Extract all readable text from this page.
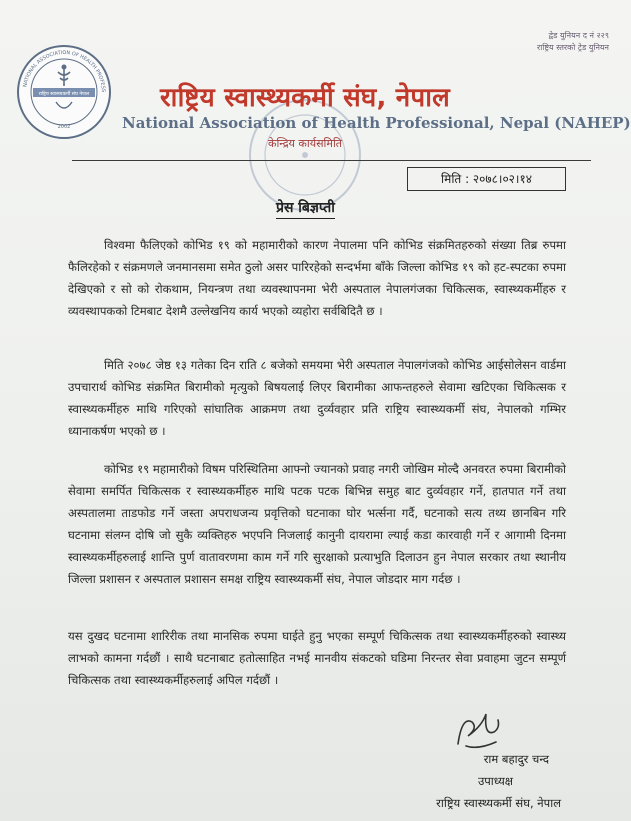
NATIONAL ASSOCIATION OF HEALTH PROFESS
राष्ट्रिय स्वास्थ्यकर्मी संघ नेपाल
2002
द्वेड युनियन द नं २२९
राष्ट्रिय स्तरको ट्रेड युनियन
राष्ट्रिय स्वास्थ्यकर्मी संघ, नेपाल
National Association of Health Professional, Nepal (NAHEP)
केन्द्रिय कार्यसमिति
मिति : २०७८।०२।१४
प्रेस बिज्ञप्ती
विश्वमा फैलिएको कोभिड १९ को महामारीको कारण नेपालमा पनि कोभिड संक्रमितहरुको संख्या तिब्र रुपमा फैलिरहेको र संक्रमणले जनमानसमा समेत ठुलो असर पारिरहेको सन्दर्भमा बाँके जिल्ला कोभिड १९ को हट-स्पटका रुपमा देखिएको र सो को रोकथाम, नियन्त्रण तथा व्यवस्थापनमा भेरी अस्पताल नेपालगंजका चिकित्सक, स्वास्थ्यकर्मीहरु र व्यवस्थापकको टिमबाट देशमै उल्लेखनिय कार्य भएको व्यहोरा सर्वबिदितै छ ।
मिति २०७८ जेष्ठ १३ गतेका दिन राति ८ बजेको समयमा भेरी अस्पताल नेपालगंजको कोभिड आईसोलेसन वार्डमा उपचारार्थ कोभिड संक्रमित बिरामीको मृत्युको बिषयलाई लिएर बिरामीका आफन्तहरुले सेवामा खटिएका चिकित्सक र स्वास्थ्यकर्मीहरु माथि गरिएको सांघातिक आक्रमण तथा दुर्व्यवहार प्रति राष्ट्रिय स्वास्थ्यकर्मी संघ, नेपालको गम्भिर ध्यानाकर्षण भएको छ ।
कोभिड १९ महामारीको विषम परिस्थितिमा आफ्नो ज्यानको प्रवाह नगरी जोखिम मोल्दै अनवरत रुपमा बिरामीको सेवामा समर्पित चिकित्सक र स्वास्थ्यकर्मीहरु माथि पटक पटक बिभिन्न समुह बाट दुर्व्यवहार गर्ने, हातपात गर्ने तथा अस्पतालमा ताडफोड गर्ने जस्ता अपराधजन्य प्रवृत्तिको घटनाका घोर भर्त्सना गर्दै, घटनाको सत्य तथ्य छानबिन गरि घटनामा संलग्न दोषि जो सुकै व्यक्तिहरु भएपनि निजलाई कानुनी दायरामा ल्याई कडा कारवाही गर्ने र आगामी दिनमा स्वास्थ्यकर्मीहरुलाई शान्ति पुर्ण वातावरणमा काम गर्ने गरि सुरक्षाको प्रत्याभुति दिलाउन हुन नेपाल सरकार तथा स्थानीय जिल्ला प्रशासन र अस्पताल प्रशासन समक्ष राष्ट्रिय स्वास्थ्यकर्मी संघ, नेपाल जोडदार माग गर्दछ ।
यस दुखद घटनामा शारिरीक तथा मानसिक रुपमा घाईते हुनु भएका सम्पूर्ण चिकित्सक तथा स्वास्थ्यकर्मीहरुको स्वास्थ्य लाभको कामना गर्दछौं । साथै घटनाबाट हतोत्साहित नभई मानवीय संकटको घडिमा निरन्तर सेवा प्रवाहमा जुटन सम्पूर्ण चिकित्सक तथा स्वास्थ्यकर्मीहरुलाई अपिल गर्दछौं ।
राम बहादुर चन्द
उपाध्यक्ष
राष्ट्रिय स्वास्थ्यकर्मी संघ, नेपाल
